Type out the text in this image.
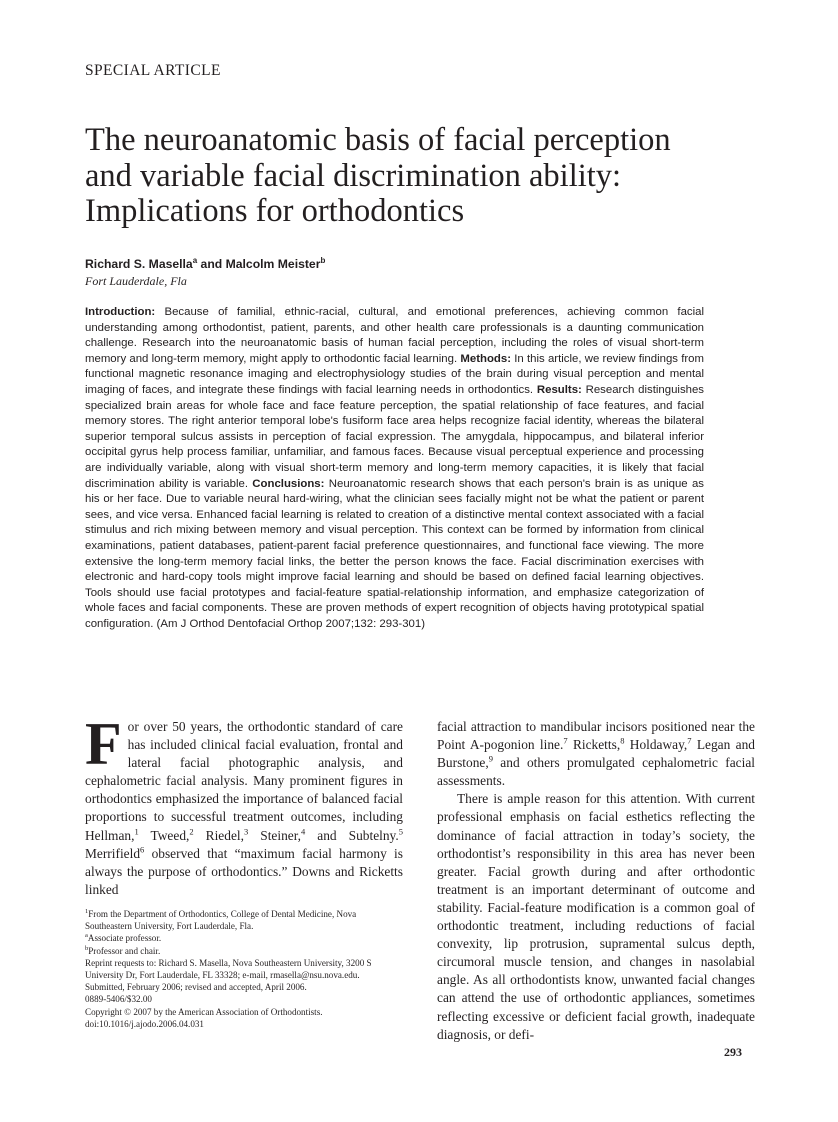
SPECIAL ARTICLE
The neuroanatomic basis of facial perception
and variable facial discrimination ability:
Implications for orthodontics
Richard S. Masella$^a$ and Malcolm Meister$^b$
Fort Lauderdale, Fla

Introduction: Because of familial, ethnic-racial, cultural, and emotional preferences, achieving common facial understanding among orthodontist, patient, parents, and other health care professionals is a daunting communication challenge. Research into the neuroanatomic basis of human facial perception, including the roles of visual short-term memory and long-term memory, might apply to orthodontic facial learning. Methods: In this article, we review findings from functional magnetic resonance imaging and electrophysiology studies of the brain during visual perception and mental imaging of faces, and integrate these findings with facial learning needs in orthodontics. Results: Research distinguishes specialized brain areas for whole face and face feature perception, the spatial relationship of face features, and facial memory stores. The right anterior temporal lobe's fusiform face area helps recognize facial identity, whereas the bilateral superior temporal sulcus assists in perception of facial expression. The amygdala, hippocampus, and bilateral inferior occipital gyrus help process familiar, unfamiliar, and famous faces. Because visual perceptual experience and processing are individually variable, along with visual short-term memory and long-term memory capacities, it is likely that facial discrimination ability is variable. Conclusions: Neuroanatomic research shows that each person's brain is as unique as his or her face. Due to variable neural hard-wiring, what the clinician sees facially might not be what the patient or parent sees, and vice versa. Enhanced facial learning is related to creation of a distinctive mental context associated with a facial stimulus and rich mixing between memory and visual perception. This context can be formed by information from clinical examinations, patient databases, patient-parent facial preference questionnaires, and functional face viewing. The more extensive the long-term memory facial links, the better the person knows the face. Facial discrimination exercises with electronic and hard-copy tools might improve facial learning and should be based on defined facial learning objectives. Tools should use facial prototypes and facial-feature spatial-relationship information, and emphasize categorization of whole faces and facial components. These are proven methods of expert recognition of objects having prototypical spatial configuration. (Am J Orthod Dentofacial Orthop 2007;132: 293-301)

For over 50 years, the orthodontic standard of care has included clinical facial evaluation, frontal and lateral facial photographic analysis, and cephalometric facial analysis. Many prominent figures in orthodontics emphasized the importance of balanced facial proportions to successful treatment outcomes, including Hellman,$^1$ Tweed,$^2$ Riedel,$^3$ Steiner,$^4$ and Subtelny.$^5$ Merrifield$^6$ observed that “maximum facial harmony is always the purpose of orthodontics.” Downs and Ricketts linked

$^1$From the Department of Orthodontics, College of Dental Medicine, Nova Southeastern University, Fort Lauderdale, Fla.
$^a$Associate professor.
$^b$Professor and chair.
Reprint requests to: Richard S. Masella, Nova Southeastern University, 3200 S University Dr, Fort Lauderdale, FL 33328; e-mail, rmasella@nsu.nova.edu.
Submitted, February 2006; revised and accepted, April 2006.
0889-5406/$32.00
Copyright © 2007 by the American Association of Orthodontists.
doi:10.1016/j.ajodo.2006.04.031

facial attraction to mandibular incisors positioned near the Point A-pogonion line.$^7$ Ricketts,$^8$ Holdaway,$^7$ Legan and Burstone,$^9$ and others promulgated cephalometric facial assessments.

There is ample reason for this attention. With current professional emphasis on facial esthetics reflecting the dominance of facial attraction in today’s society, the orthodontist’s responsibility in this area has never been greater. Facial growth during and after orthodontic treatment is an important determinant of outcome and stability. Facial-feature modification is a common goal of orthodontic treatment, including reductions of facial convexity, lip protrusion, supramental sulcus depth, circumoral muscle tension, and changes in nasolabial angle. As all orthodontists know, unwanted facial changes can attend the use of orthodontic appliances, sometimes reflecting excessive or deficient facial growth, inadequate diagnosis, or defi-

293
